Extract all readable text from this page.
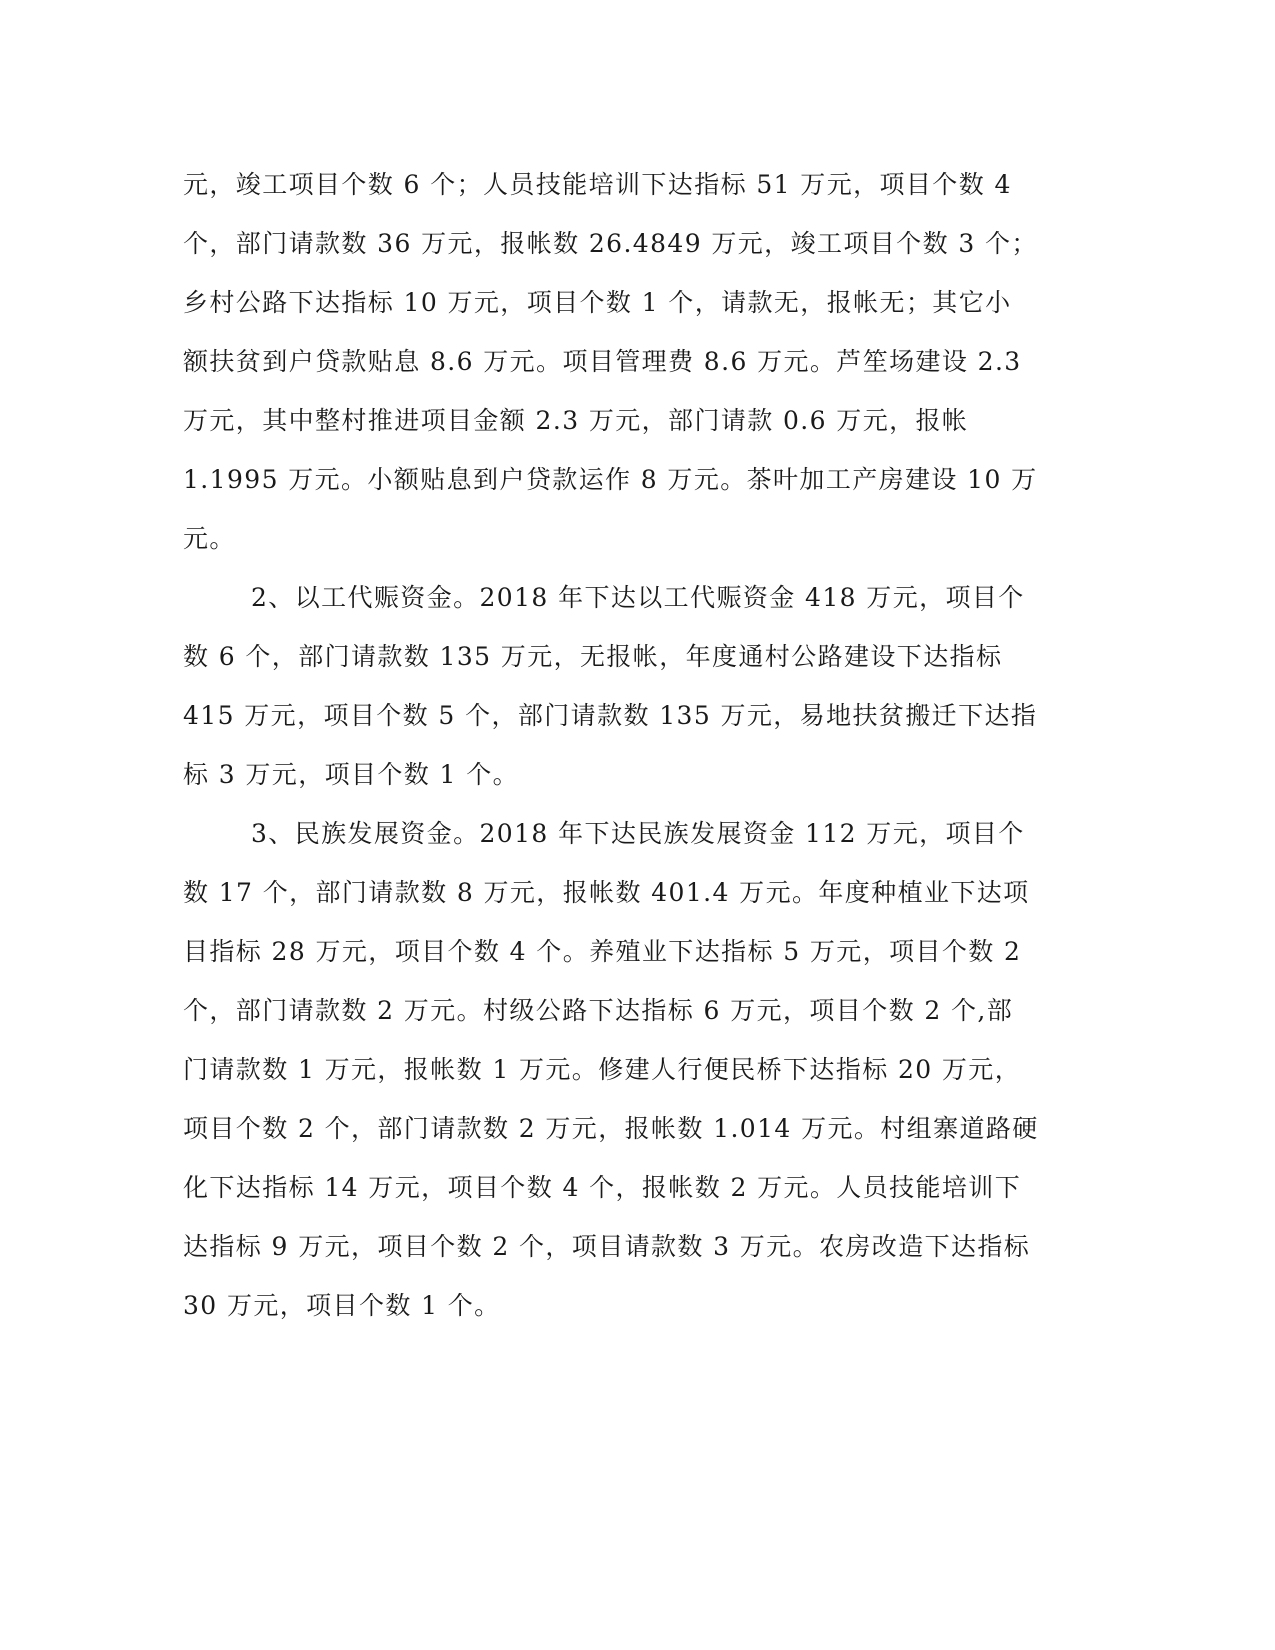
元，竣工项目个数 6 个；人员技能培训下达指标 51 万元，项目个数 4
个，部门请款数 36 万元，报帐数 26.4849 万元，竣工项目个数 3 个；
乡村公路下达指标 10 万元，项目个数 1 个，请款无，报帐无；其它小
额扶贫到户贷款贴息 8.6 万元。项目管理费 8.6 万元。芦笙场建设 2.3
万元，其中整村推进项目金额 2.3 万元，部门请款 0.6 万元，报帐
1.1995 万元。小额贴息到户贷款运作 8 万元。茶叶加工产房建设 10 万
元。
2、以工代赈资金。2018 年下达以工代赈资金 418 万元，项目个
数 6 个，部门请款数 135 万元，无报帐，年度通村公路建设下达指标
415 万元，项目个数 5 个，部门请款数 135 万元，易地扶贫搬迁下达指
标 3 万元，项目个数 1 个。
3、民族发展资金。2018 年下达民族发展资金 112 万元，项目个
数 17 个，部门请款数 8 万元，报帐数 401.4 万元。年度种植业下达项
目指标 28 万元，项目个数 4 个。养殖业下达指标 5 万元，项目个数 2
个，部门请款数 2 万元。村级公路下达指标 6 万元，项目个数 2 个,部
门请款数 1 万元，报帐数 1 万元。修建人行便民桥下达指标 20 万元，
项目个数 2 个，部门请款数 2 万元，报帐数 1.014 万元。村组寨道路硬
化下达指标 14 万元，项目个数 4 个，报帐数 2 万元。人员技能培训下
达指标 9 万元，项目个数 2 个，项目请款数 3 万元。农房改造下达指标
30 万元，项目个数 1 个。
